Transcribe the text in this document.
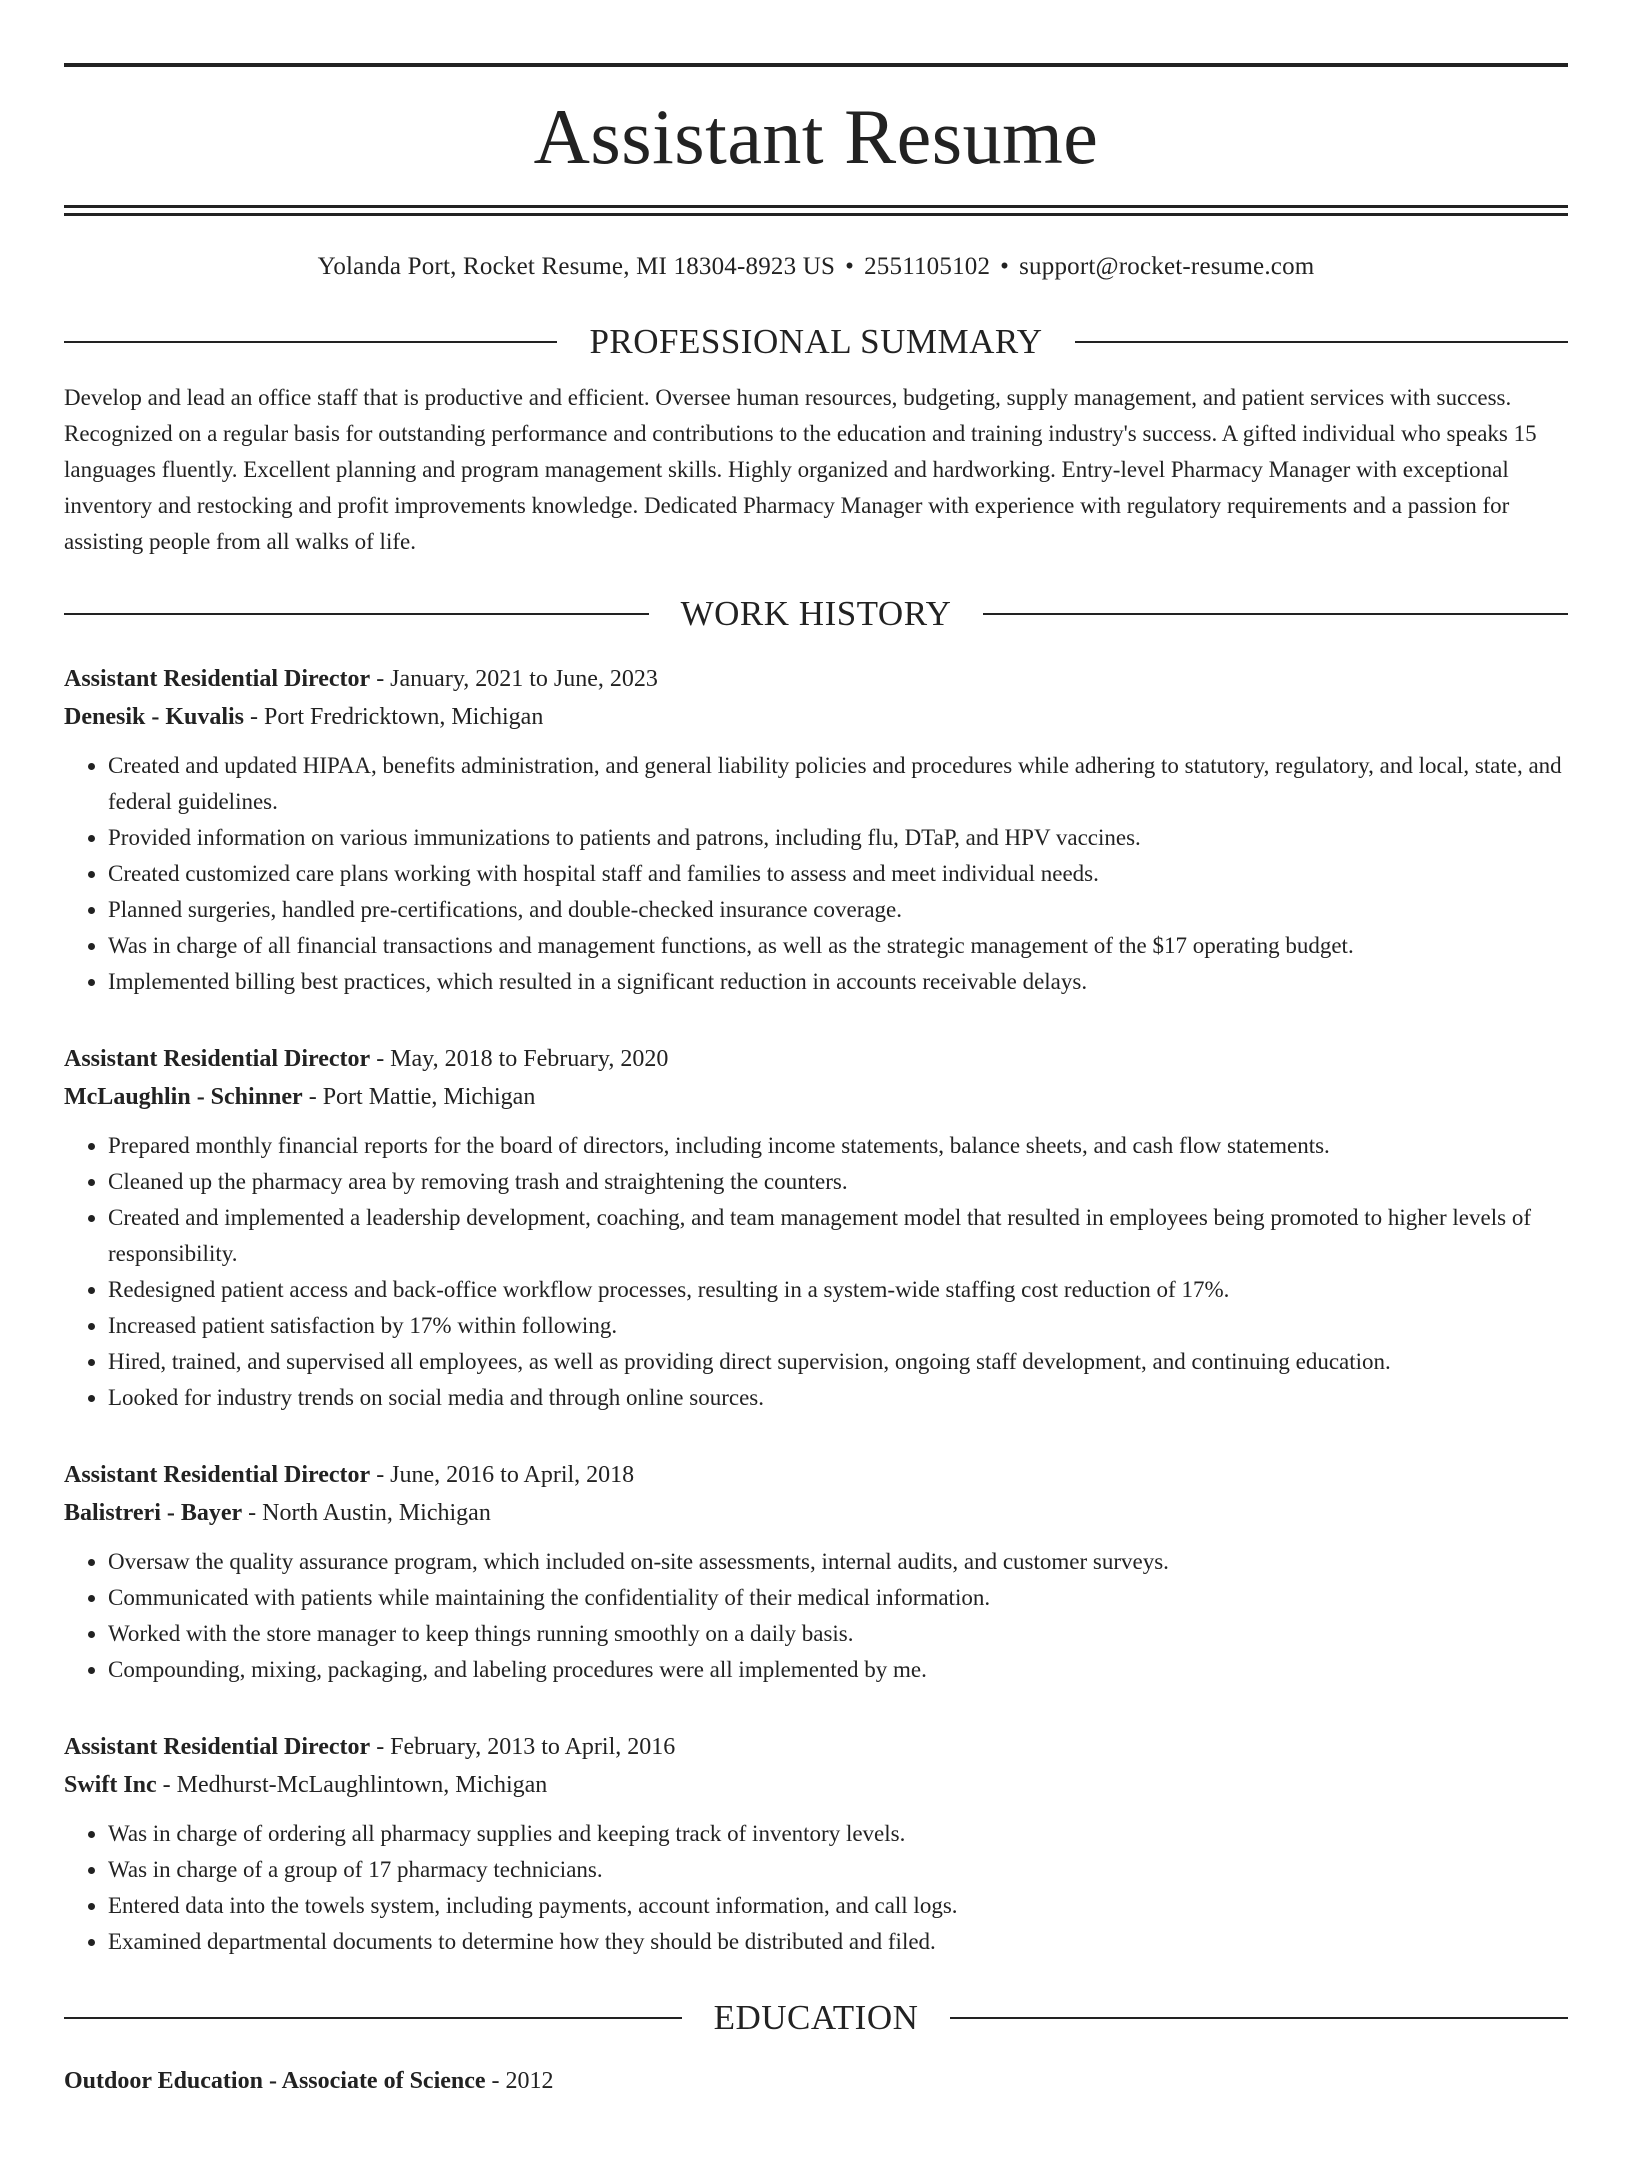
Assistant Resume
Yolanda Port, Rocket Resume, MI 18304-8923 US • 2551105102 • support@rocket-resume.com
PROFESSIONAL SUMMARY

Develop and lead an office staff that is productive and efficient. Oversee human resources, budgeting, supply management, and patient services with success. Recognized on a regular basis for outstanding performance and contributions to the education and training industry's success. A gifted individual who speaks 15 languages fluently. Excellent planning and program management skills. Highly organized and hardworking. Entry-level Pharmacy Manager with exceptional inventory and restocking and profit improvements knowledge. Dedicated Pharmacy Manager with experience with regulatory requirements and a passion for assisting people from all walks of life.

WORK HISTORY
Assistant Residential Director - January, 2021 to June, 2023
Denesik - Kuvalis - Port Fredricktown, Michigan
• Created and updated HIPAA, benefits administration, and general liability policies and procedures while adhering to statutory, regulatory, and local, state, and federal guidelines.
• Provided information on various immunizations to patients and patrons, including flu, DTaP, and HPV vaccines.
• Created customized care plans working with hospital staff and families to assess and meet individual needs.
• Planned surgeries, handled pre-certifications, and double-checked insurance coverage.
• Was in charge of all financial transactions and management functions, as well as the strategic management of the $17 operating budget.
• Implemented billing best practices, which resulted in a significant reduction in accounts receivable delays.
Assistant Residential Director - May, 2018 to February, 2020
McLaughlin - Schinner - Port Mattie, Michigan
• Prepared monthly financial reports for the board of directors, including income statements, balance sheets, and cash flow statements.
• Cleaned up the pharmacy area by removing trash and straightening the counters.
• Created and implemented a leadership development, coaching, and team management model that resulted in employees being promoted to higher levels of responsibility.
• Redesigned patient access and back-office workflow processes, resulting in a system-wide staffing cost reduction of 17%.
• Increased patient satisfaction by 17% within following.
• Hired, trained, and supervised all employees, as well as providing direct supervision, ongoing staff development, and continuing education.
• Looked for industry trends on social media and through online sources.
Assistant Residential Director - June, 2016 to April, 2018
Balistreri - Bayer - North Austin, Michigan
• Oversaw the quality assurance program, which included on-site assessments, internal audits, and customer surveys.
• Communicated with patients while maintaining the confidentiality of their medical information.
• Worked with the store manager to keep things running smoothly on a daily basis.
• Compounding, mixing, packaging, and labeling procedures were all implemented by me.
Assistant Residential Director - February, 2013 to April, 2016
Swift Inc - Medhurst-McLaughlintown, Michigan
• Was in charge of ordering all pharmacy supplies and keeping track of inventory levels.
• Was in charge of a group of 17 pharmacy technicians.
• Entered data into the towels system, including payments, account information, and call logs.
• Examined departmental documents to determine how they should be distributed and filed.
EDUCATION
Outdoor Education - Associate of Science - 2012
